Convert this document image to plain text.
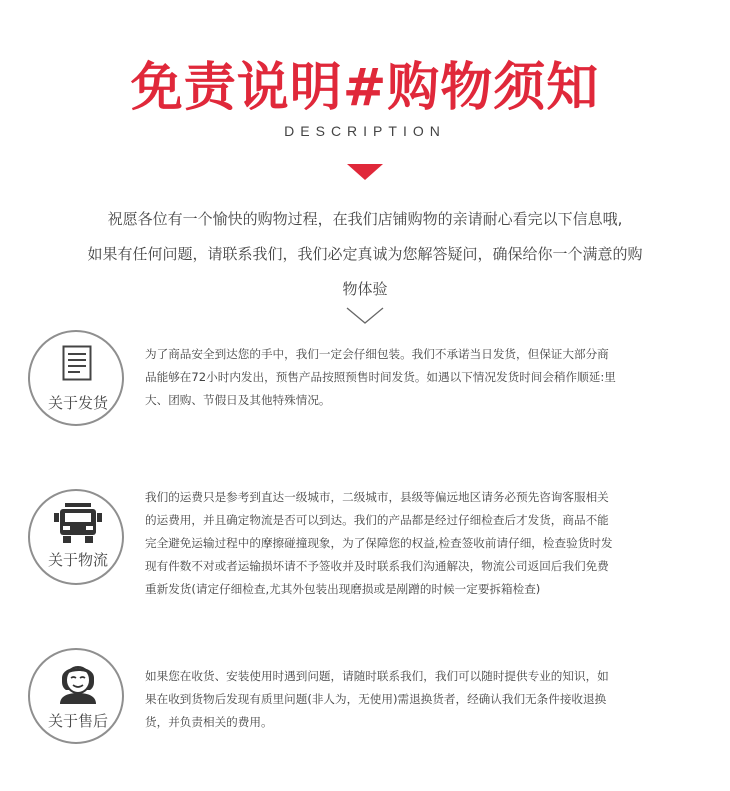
免责说明#购物须知
DESCRIPTION
祝愿各位有一个愉快的购物过程，在我们店铺购物的亲请耐心看完以下信息哦,
如果有任何问题，请联系我们，我们必定真诚为您解答疑问，确保给你一个满意的购
物体验
关于发货
为了商品安全到达您的手中，我们一定会仔细包装。我们不承诺当日发货，但保证大部分商
品能够在72小时内发出，预售产品按照预售时间发货。如遇以下情况发货时间会稍作顺延:里
大、团购、节假日及其他特殊情况。
关于物流
我们的运费只是参考到直达一级城市，二级城市，县级等偏远地区请务必预先咨询客服相关
的运费用，并且确定物流是否可以到达。我们的产品都是经过仔细检查后才发货，商品不能
完全避免运输过程中的摩擦碰撞现象，为了保障您的权益,检查签收前请仔细，检查验货时发
现有件数不对或者运输损坏请不予签收并及时联系我们沟通解决，物流公司返回后我们免费
重新发货(请定仔细检查,尤其外包装出现磨损或是剐蹭的时候一定要拆箱检查)
关于售后
如果您在收货、安装使用时遇到问题，请随时联系我们，我们可以随时提供专业的知识，如
果在收到货物后发现有质里问题(非人为，无使用)需退换货者，经确认我们无条件接收退换
货，并负责相关的费用。
